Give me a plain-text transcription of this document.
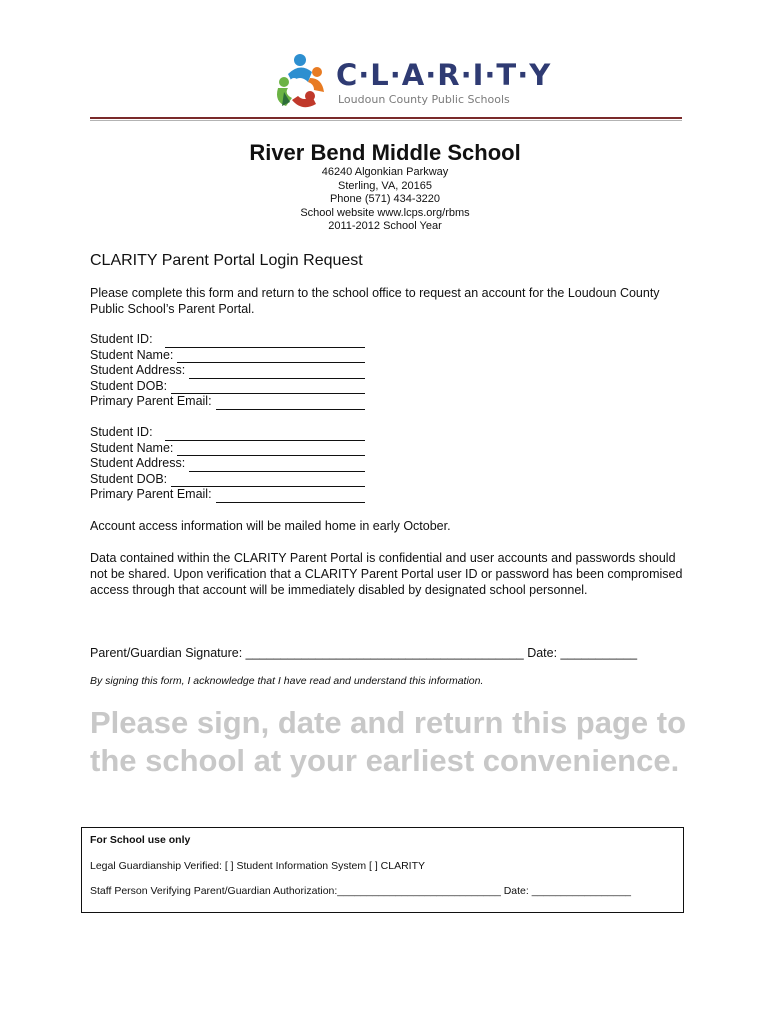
C·L·A·R·I·T·Y
Loudoun County Public Schools
River Bend Middle School
46240 Algonkian Parkway
Sterling, VA, 20165
Phone (571) 434-3220
School website www.lcps.org/rbms
2011-2012 School Year
CLARITY Parent Portal Login Request
Please complete this form and return to the school office to request an account for the Loudoun County Public School’s Parent Portal.
Student ID:
Student Name:
Student Address:
Student DOB:
Primary Parent Email:
Student ID:
Student Name:
Student Address:
Student DOB:
Primary Parent Email:
Account access information will be mailed home in early October.
Data contained within the CLARITY Parent Portal is confidential and user accounts and passwords should not be shared. Upon verification that a CLARITY Parent Portal user ID or password has been compromised access through that account will be immediately disabled by designated school personnel.
Parent/Guardian Signature: ________________________________________ Date: ___________
By signing this form, I acknowledge that I have read and understand this information.
Please sign, date and return this page to the school at your earliest convenience.
For School use only
Legal Guardianship Verified: [ ] Student Information System [ ] CLARITY
Staff Person Verifying Parent/Guardian Authorization:____________________________ Date: _________________
